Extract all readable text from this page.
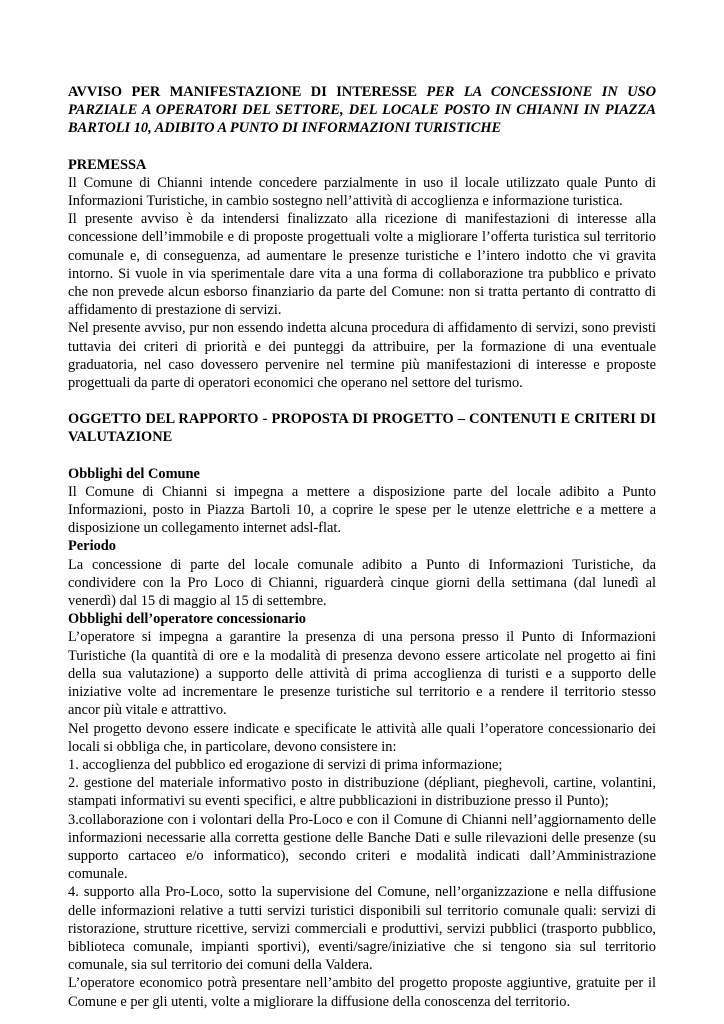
AVVISO PER MANIFESTAZIONE DI INTERESSE PER LA CONCESSIONE IN USO PARZIALE A OPERATORI DEL SETTORE, DEL LOCALE POSTO IN CHIANNI IN PIAZZA BARTOLI 10, ADIBITO A PUNTO DI INFORMAZIONI TURISTICHE

PREMESSA

Il Comune di Chianni intende concedere parzialmente in uso il locale utilizzato quale Punto di Informazioni Turistiche, in cambio sostegno nell’attività di accoglienza e informazione turistica.

Il presente avviso è da intendersi finalizzato alla ricezione di manifestazioni di interesse alla concessione dell’immobile e di proposte progettuali volte a migliorare l’offerta turistica sul territorio comunale e, di conseguenza, ad aumentare le presenze turistiche e l’intero indotto che vi gravita intorno. Si vuole in via sperimentale dare vita a una forma di collaborazione tra pubblico e privato che non prevede alcun esborso finanziario da parte del Comune: non si tratta pertanto di contratto di affidamento di prestazione di servizi.

Nel presente avviso, pur non essendo indetta alcuna procedura di affidamento di servizi, sono previsti tuttavia dei criteri di priorità e dei punteggi da attribuire, per la formazione di una eventuale graduatoria, nel caso dovessero pervenire nel termine più manifestazioni di interesse e proposte progettuali da parte di operatori economici che operano nel settore del turismo.

OGGETTO DEL RAPPORTO - PROPOSTA DI PROGETTO – CONTENUTI E CRITERI DI VALUTAZIONE

Obblighi del Comune

Il Comune di Chianni si impegna a mettere a disposizione parte del locale adibito a Punto Informazioni, posto in Piazza Bartoli 10, a coprire le spese per le utenze elettriche e a mettere a disposizione un collegamento internet adsl-flat.

Periodo

La concessione di parte del locale comunale adibito a Punto di Informazioni Turistiche, da condividere con la Pro Loco di Chianni, riguarderà cinque giorni della settimana (dal lunedì al venerdì) dal 15 di maggio al 15 di settembre.

Obblighi dell’operatore concessionario

L’operatore si impegna a garantire la presenza di una persona presso il Punto di Informazioni Turistiche (la quantità di ore e la modalità di presenza devono essere articolate nel progetto ai fini della sua valutazione) a supporto delle attività di prima accoglienza di turisti e a supporto delle iniziative volte ad incrementare le presenze turistiche sul territorio e a rendere il territorio stesso ancor più vitale e attrattivo.

Nel progetto devono essere indicate e specificate le attività alle quali l’operatore concessionario dei locali si obbliga che, in particolare, devono consistere in:

1. accoglienza del pubblico ed erogazione di servizi di prima informazione;

2. gestione del materiale informativo posto in distribuzione (dépliant, pieghevoli, cartine, volantini, stampati informativi su eventi specifici, e altre pubblicazioni in distribuzione presso il Punto);

3.collaborazione con i volontari della Pro-Loco e con il Comune di Chianni nell’aggiornamento delle informazioni necessarie alla corretta gestione delle Banche Dati e sulle rilevazioni delle presenze (su supporto cartaceo e/o informatico), secondo criteri e modalità indicati dall’Amministrazione comunale.

4. supporto alla Pro-Loco, sotto la supervisione del Comune, nell’organizzazione e nella diffusione delle informazioni relative a tutti servizi turistici disponibili sul territorio comunale quali: servizi di ristorazione, strutture ricettive, servizi commerciali e produttivi, servizi pubblici (trasporto pubblico, biblioteca comunale, impianti sportivi), eventi/sagre/iniziative che si tengono sia sul territorio comunale, sia sul territorio dei comuni della Valdera.

L’operatore economico potrà presentare nell’ambito del progetto proposte aggiuntive, gratuite per il Comune e per gli utenti, volte a migliorare la diffusione della conoscenza del territorio.
